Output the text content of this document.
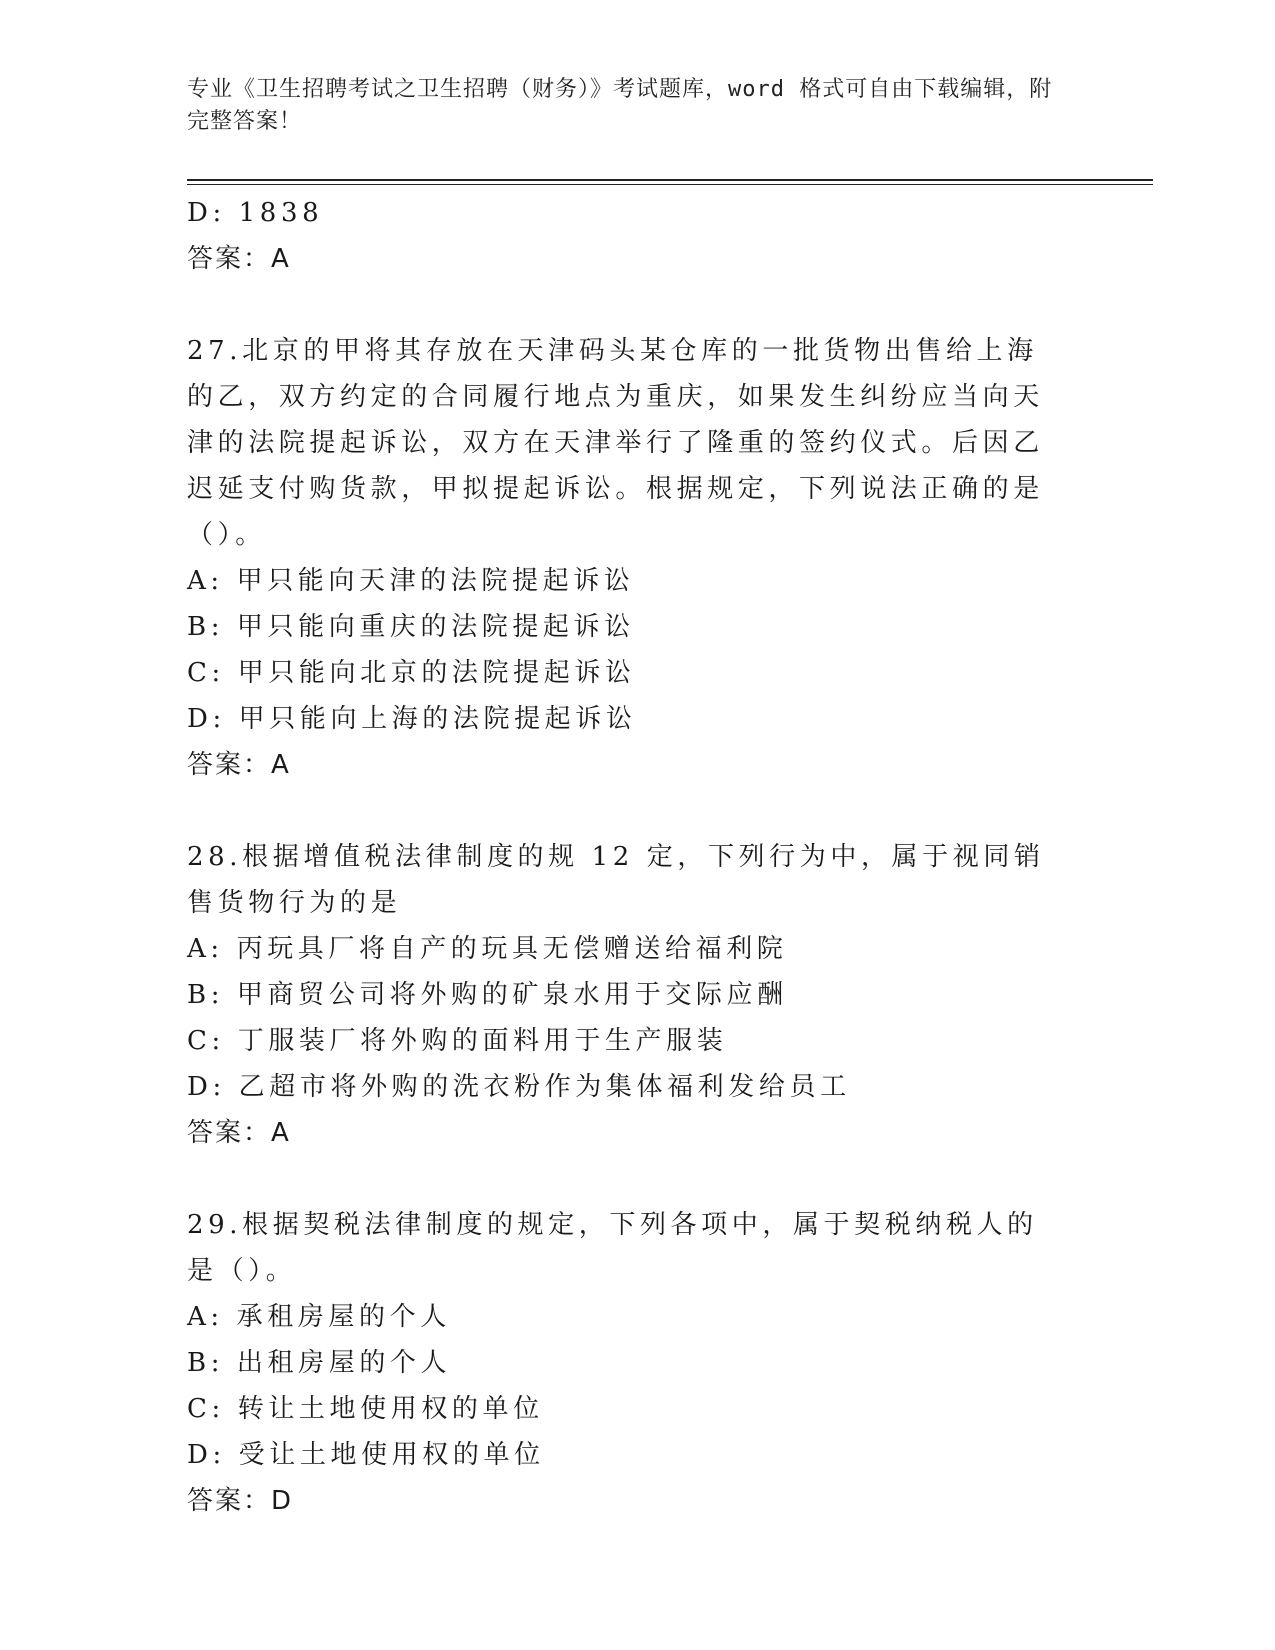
专业《卫生招聘考试之卫生招聘（财务）》考试题库，word 格式可自由下载编辑，附完整答案！
D: 1838
答案：A
27.北京的甲将其存放在天津码头某仓库的一批货物出售给上海的乙，双方约定的合同履行地点为重庆，如果发生纠纷应当向天津的法院提起诉讼，双方在天津举行了隆重的签约仪式。后因乙迟延支付购货款，甲拟提起诉讼。根据规定，下列说法正确的是（）。
A: 甲只能向天津的法院提起诉讼
B: 甲只能向重庆的法院提起诉讼
C: 甲只能向北京的法院提起诉讼
D: 甲只能向上海的法院提起诉讼
答案：A
28.根据增值税法律制度的规 12 定，下列行为中，属于视同销售货物行为的是
A: 丙玩具厂将自产的玩具无偿赠送给福利院
B: 甲商贸公司将外购的矿泉水用于交际应酬
C: 丁服装厂将外购的面料用于生产服装
D: 乙超市将外购的洗衣粉作为集体福利发给员工
答案：A
29.根据契税法律制度的规定，下列各项中，属于契税纳税人的是（）。
A: 承租房屋的个人
B: 出租房屋的个人
C: 转让土地使用权的单位
D: 受让土地使用权的单位
答案：D
